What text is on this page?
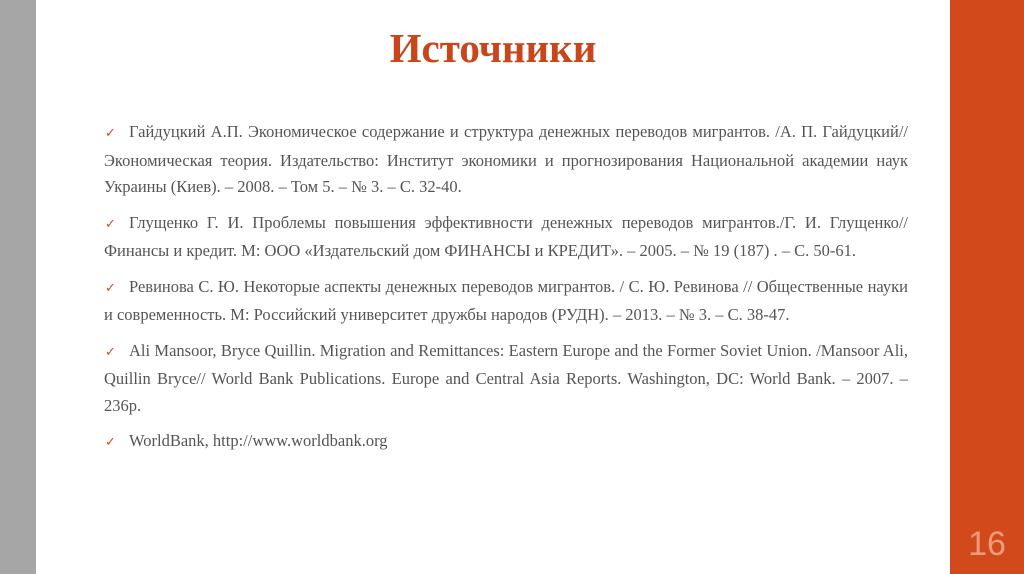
Источники
✓ Гайдуцкий А.П. Экономическое содержание и структура денежных переводов мигрантов. /А. П. Гайдуцкий// Экономическая теория. Издательство: Институт экономики и прогнозирования Национальной академии наук Украины (Киев). – 2008. – Том 5. – № 3. – С. 32-40.
✓ Глущенко Г. И. Проблемы повышения эффективности денежных переводов мигрантов./Г. И. Глущенко//Финансы и кредит. М: ООО «Издательский дом ФИНАНСЫ и КРЕДИТ». – 2005. – № 19 (187) . – С. 50-61.
✓ Ревинова С. Ю. Некоторые аспекты денежных переводов мигрантов. / С. Ю. Ревинова // Общественные науки и современность. М: Российский университет дружбы народов (РУДН). – 2013. – № 3. – С. 38-47.
✓ Ali Mansoor, Bryce Quillin. Migration and Remittances: Eastern Europe and the Former Soviet Union. /Mansoor Ali, Quillin Bryce// World Bank Publications. Europe and Central Asia Reports. Washington, DC: World Bank. – 2007. – 236p.
✓ WorldBank, http://www.worldbank.org
16
